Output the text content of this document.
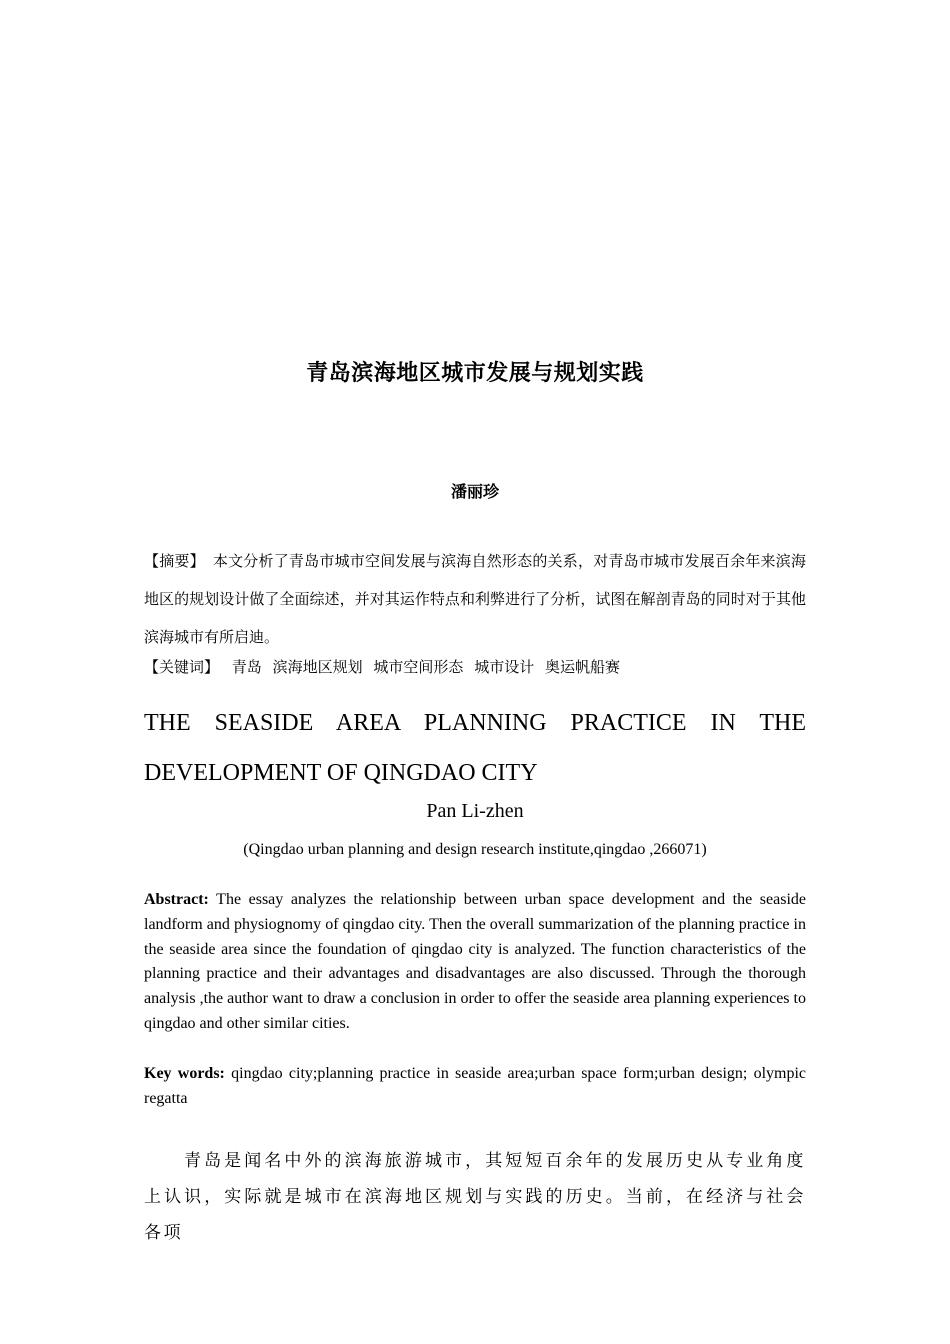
青岛滨海地区城市发展与规划实践
潘丽珍
【摘要】 本文分析了青岛市城市空间发展与滨海自然形态的关系，对青岛市城市发展百余年来滨海地区的规划设计做了全面综述，并对其运作特点和利弊进行了分析，试图在解剖青岛的同时对于其他滨海城市有所启迪。
【关键词】 青岛 滨海地区规划 城市空间形态 城市设计 奥运帆船赛
THE SEASIDE AREA PLANNING PRACTICE IN THE DEVELOPMENT OF QINGDAO CITY
Pan Li-zhen
(Qingdao urban planning and design research institute,qingdao ,266071)
Abstract: The essay analyzes the relationship between urban space development and the seaside landform and physiognomy of qingdao city. Then the overall summarization of the planning practice in the seaside area since the foundation of qingdao city is analyzed. The function characteristics of the planning practice and their advantages and disadvantages are also discussed. Through the thorough analysis ,the author want to draw a conclusion in order to offer the seaside area planning experiences to qingdao and other similar cities.
Key words: qingdao city;planning practice in seaside area;urban space form;urban design; olympic regatta
青岛是闻名中外的滨海旅游城市，其短短百余年的发展历史从专业角度上认识，实际就是城市在滨海地区规划与实践的历史。当前，在经济与社会各项
